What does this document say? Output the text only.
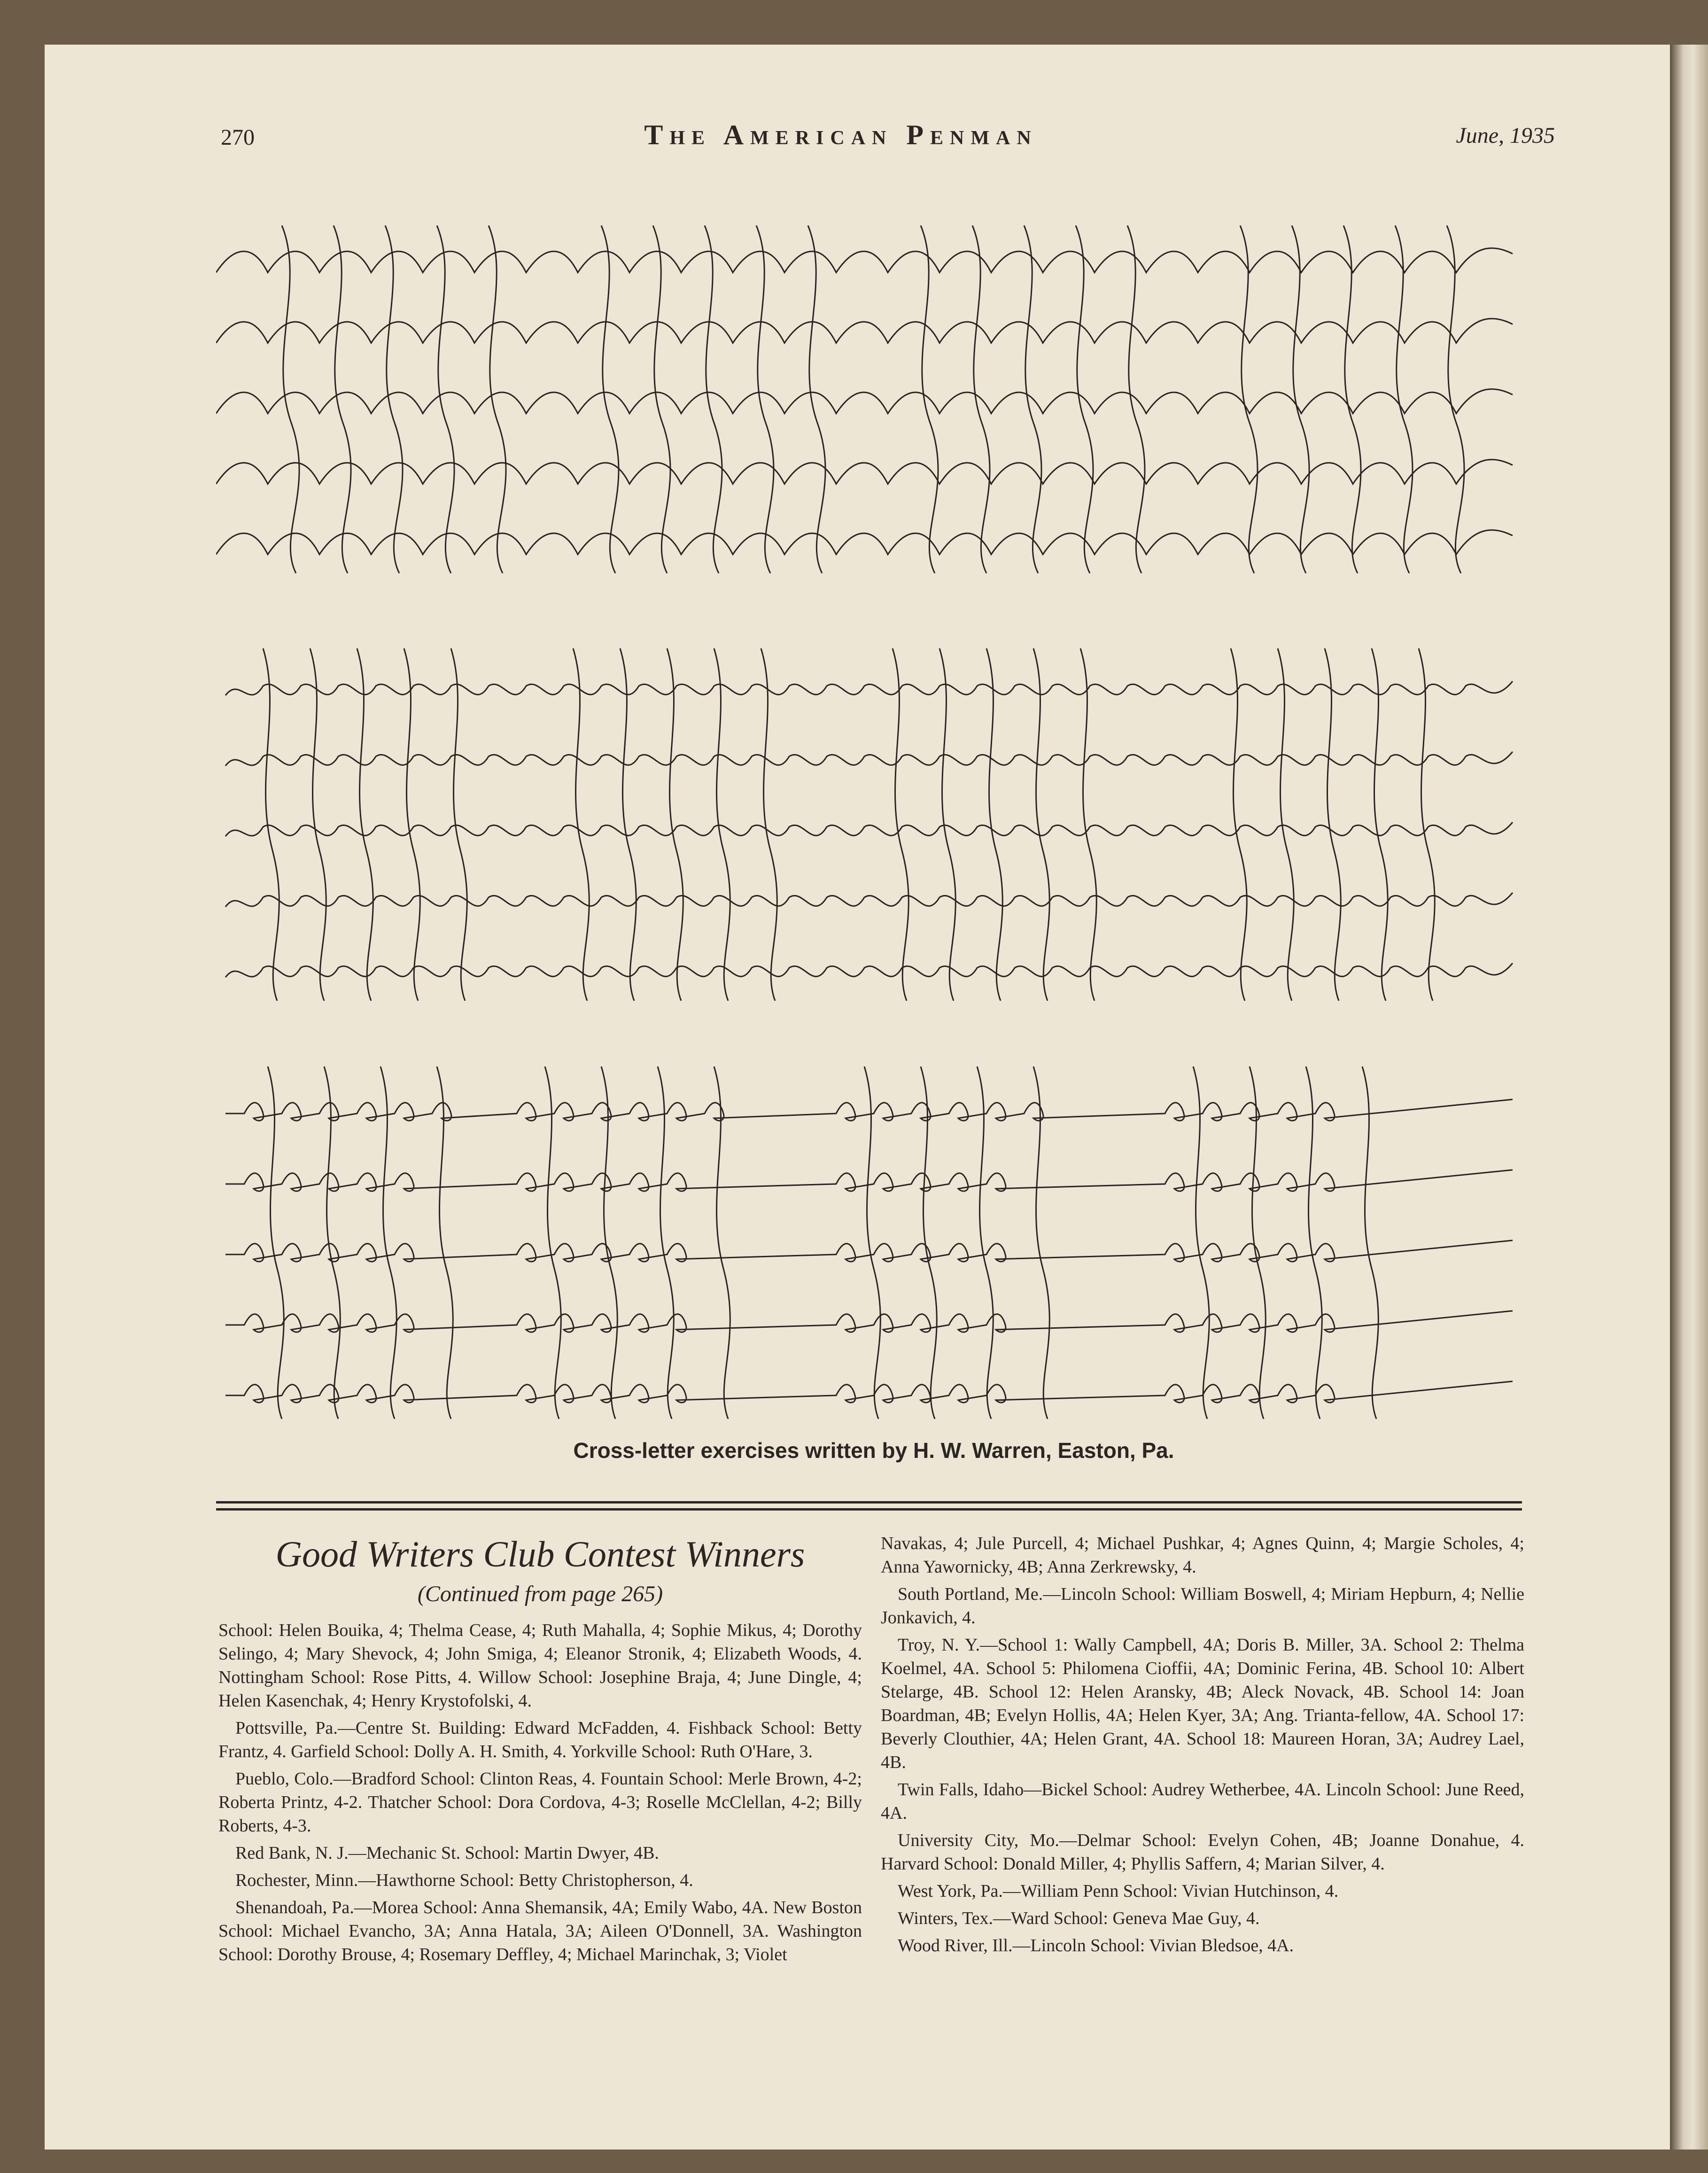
270	The American Penman	June, 1935
Cross-letter exercises written by H. W. Warren, Easton, Pa.
Good Writers Club Contest Winners
(Continued from page 265)

School: Helen Bouika, 4; Thelma Cease, 4; Ruth Mahalla, 4; Sophie Mikus, 4; Dorothy Selingo, 4; Mary Shevock, 4; John Smiga, 4; Eleanor Stronik, 4; Elizabeth Woods, 4. Nottingham School: Rose Pitts, 4. Willow School: Josephine Braja, 4; June Dingle, 4; Helen Kasenchak, 4; Henry Krystofolski, 4.

Pottsville, Pa.—Centre St. Building: Edward McFadden, 4. Fishback School: Betty Frantz, 4. Garfield School: Dolly A. H. Smith, 4. Yorkville School: Ruth O'Hare, 3.

Pueblo, Colo.—Bradford School: Clinton Reas, 4. Fountain School: Merle Brown, 4-2; Roberta Printz, 4-2. Thatcher School: Dora Cordova, 4-3; Roselle McClellan, 4-2; Billy Roberts, 4-3.

Red Bank, N. J.—Mechanic St. School: Martin Dwyer, 4B.

Rochester, Minn.—Hawthorne School: Betty Christopherson, 4.

Shenandoah, Pa.—Morea School: Anna Shemansik, 4A; Emily Wabo, 4A. New Boston School: Michael Evancho, 3A; Anna Hatala, 3A; Aileen O'Donnell, 3A. Washington School: Dorothy Brouse, 4; Rosemary Deffley, 4; Michael Marinchak, 3; Violet

Navakas, 4; Jule Purcell, 4; Michael Pushkar, 4; Agnes Quinn, 4; Margie Scholes, 4; Anna Yawornicky, 4B; Anna Zerkrewsky, 4.

South Portland, Me.—Lincoln School: William Boswell, 4; Miriam Hepburn, 4; Nellie Jonkavich, 4.

Troy, N. Y.—School 1: Wally Campbell, 4A; Doris B. Miller, 3A. School 2: Thelma Koelmel, 4A. School 5: Philomena Cioffii, 4A; Dominic Ferina, 4B. School 10: Albert Stelarge, 4B. School 12: Helen Aransky, 4B; Aleck Novack, 4B. School 14: Joan Boardman, 4B; Evelyn Hollis, 4A; Helen Kyer, 3A; Ang. Trianta-fellow, 4A. School 17: Beverly Clouthier, 4A; Helen Grant, 4A. School 18: Maureen Horan, 3A; Audrey Lael, 4B.

Twin Falls, Idaho—Bickel School: Audrey Wetherbee, 4A. Lincoln School: June Reed, 4A.

University City, Mo.—Delmar School: Evelyn Cohen, 4B; Joanne Donahue, 4. Harvard School: Donald Miller, 4; Phyllis Saffern, 4; Marian Silver, 4.

West York, Pa.—William Penn School: Vivian Hutchinson, 4.

Winters, Tex.—Ward School: Geneva Mae Guy, 4.

Wood River, Ill.—Lincoln School: Vivian Bledsoe, 4A.
